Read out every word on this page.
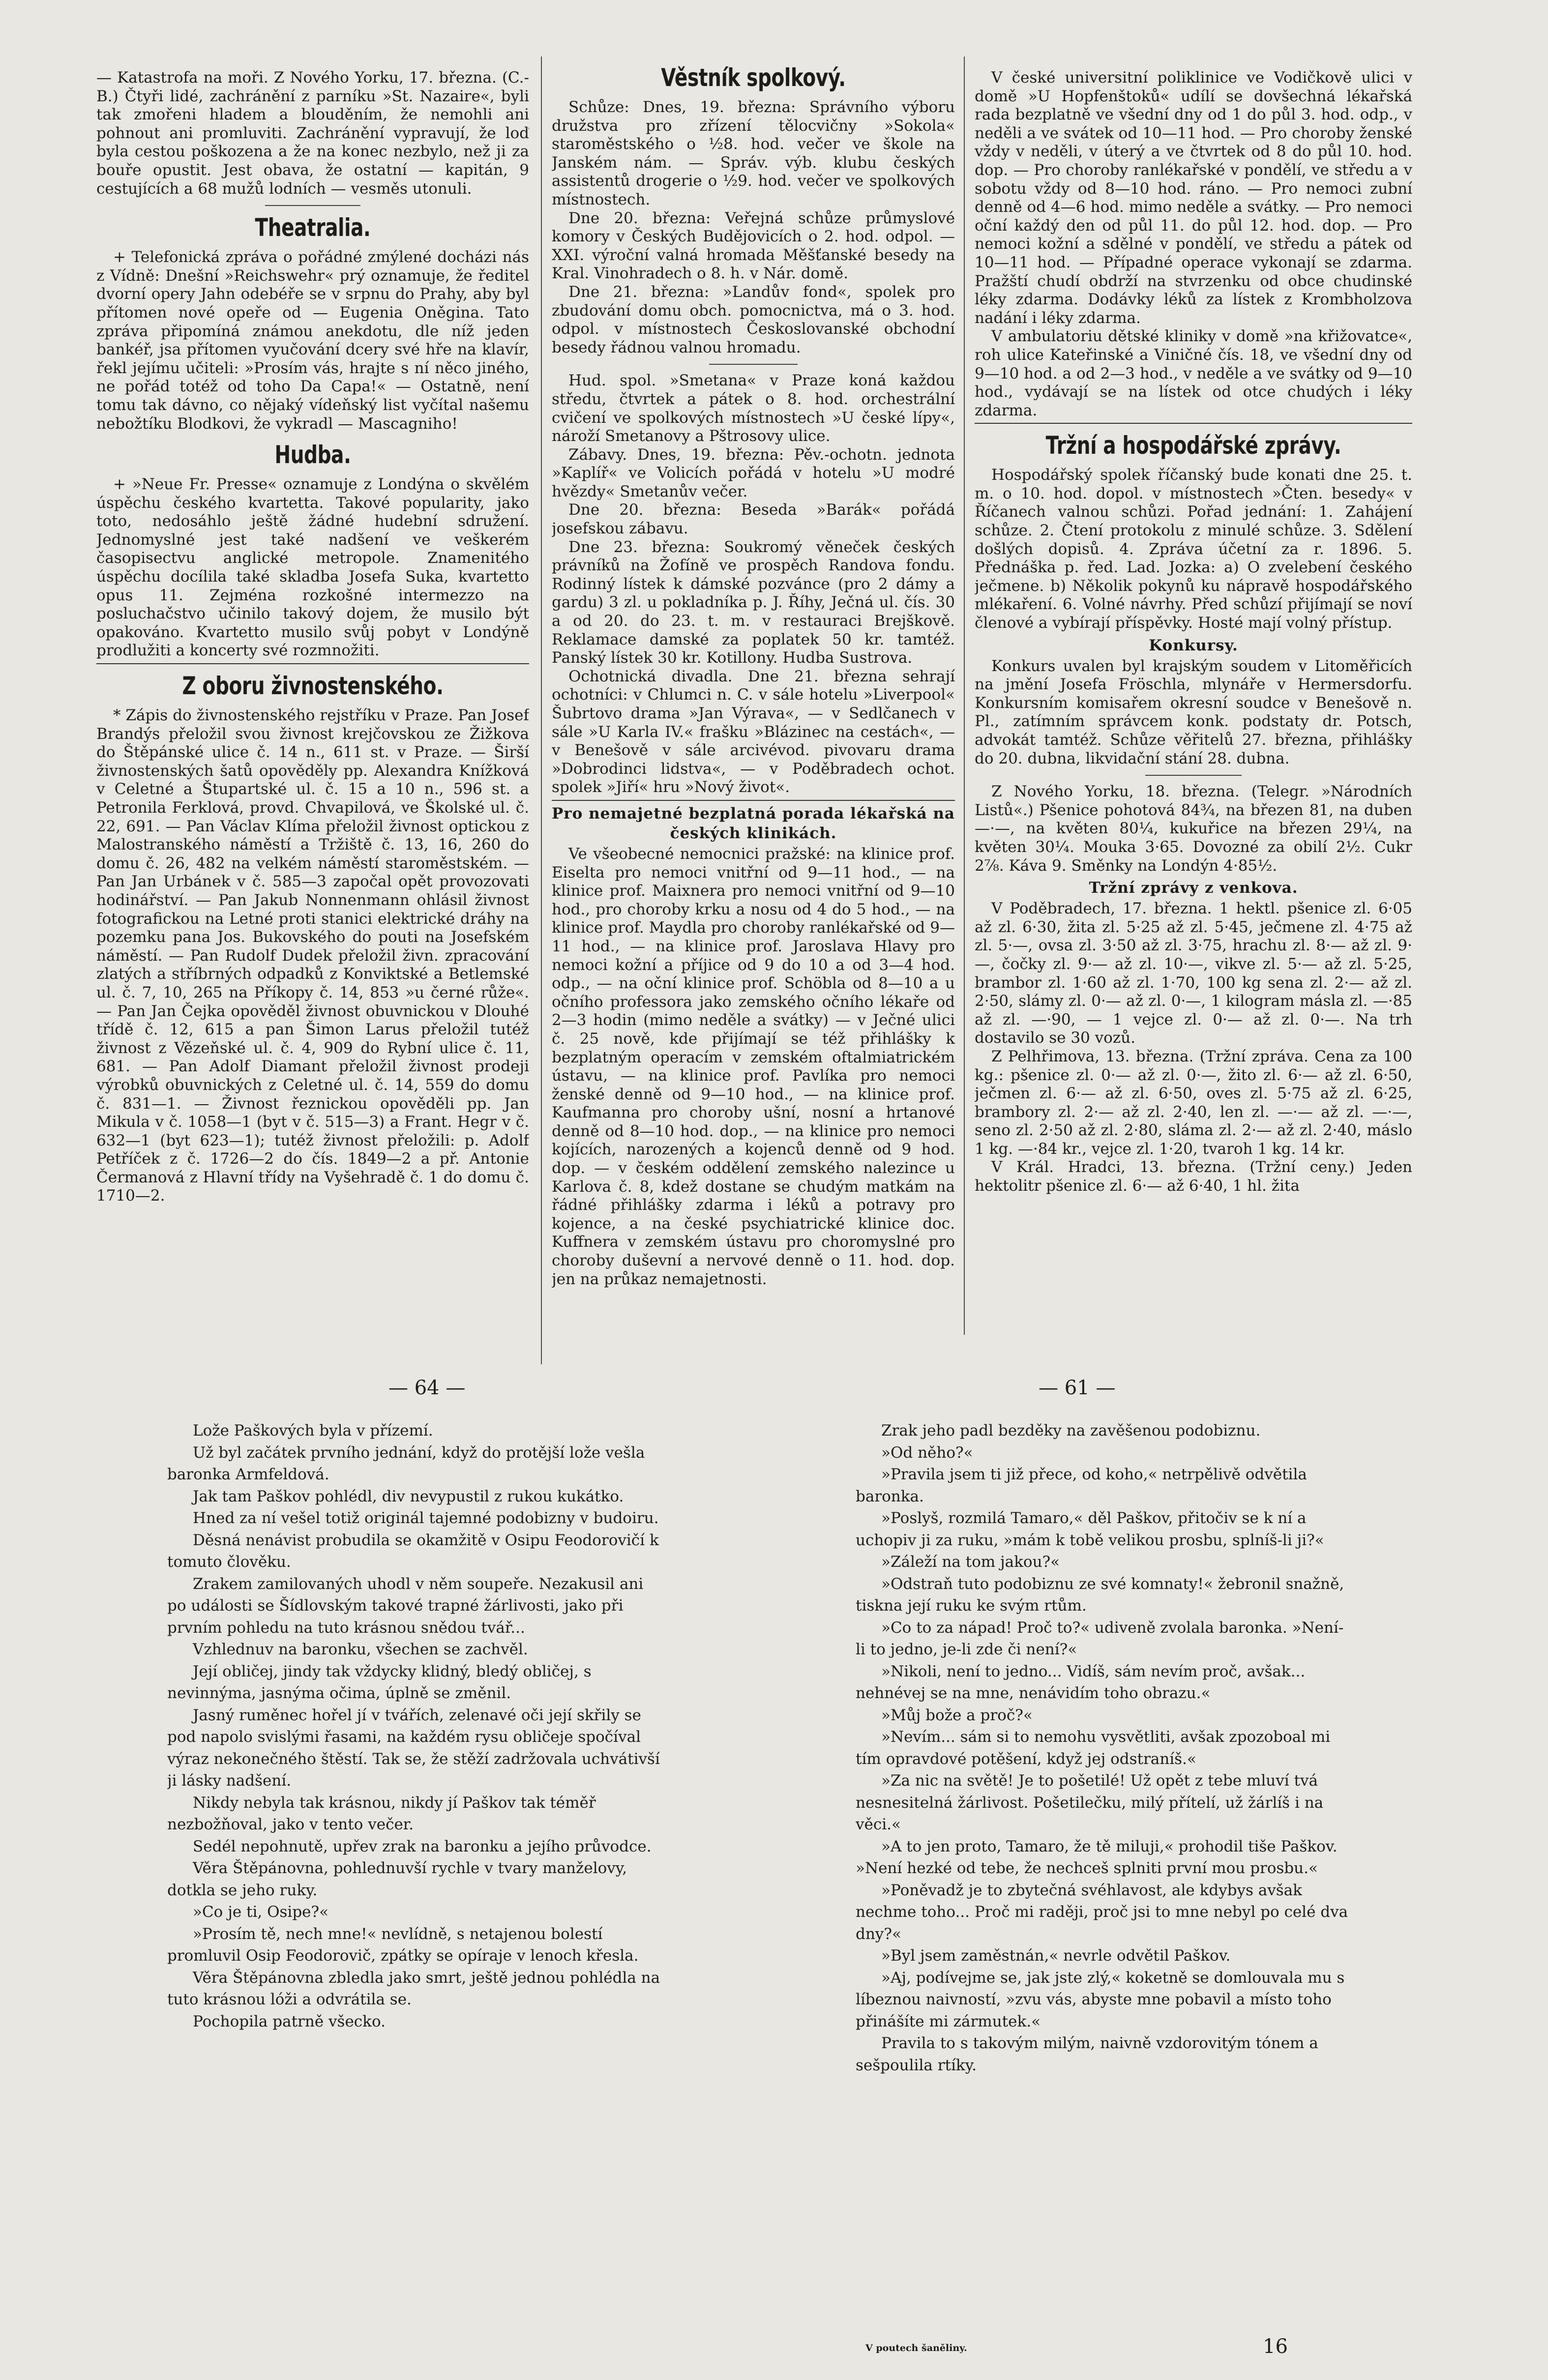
— Katastrofa na moři. Z Nového Yorku, 17. března. (C.-B.) Čtyři lidé, zachránění z parníku »St. Nazaire«, byli tak zmořeni hladem a blouděním, že nemohli ani pohnout ani promluviti. Zachránění vypravují, že loď byla cestou poškozena a že na konec nezbylo, než ji za bouře opustit. Jest obava, že ostatní — kapitán, 9 cestujících a 68 mužů lodních — vesměs utonuli.

Theatralia.

+ Telefonická zpráva o pořádné zmýlené docházi nás z Vídně: Dnešní »Reichswehr« prý oznamuje, že ředitel dvorní opery Jahn odebéře se v srpnu do Prahy, aby byl přítomen nové opeře od — Eugenia Oněgina. Tato zpráva připomíná známou anekdotu, dle níž jeden bankéř, jsa přítomen vyučování dcery své hře na klavír, řekl jejímu učiteli: »Prosím vás, hrajte s ní něco jiného, ne pořád totéž od toho Da Capa!« — Ostatně, není tomu tak dávno, co nějaký vídeňský list vyčítal našemu nebožtíku Blodkovi, že vykradl — Mascagniho!

Hudba.

+ »Neue Fr. Presse« oznamuje z Londýna o skvělém úspěchu českého kvartetta. Takové popularity, jako toto, nedosáhlo ještě žádné hudební sdružení. Jednomyslné jest také nadšení ve veškerém časopisectvu anglické metropole. Znamenitého úspěchu docílila také skladba Josefa Suka, kvartetto opus 11. Zejména rozkošné intermezzo na posluchačstvo učinilo takový dojem, že musilo být opakováno. Kvartetto musilo svůj pobyt v Londýně prodlužiti a koncerty své rozmnožiti.

Z oboru živnostenského.

* Zápis do živnostenského rejstříku v Praze. Pan Josef Brandýs přeložil svou živnost krejčovskou ze Žižkova do Štěpánské ulice č. 14 n., 611 st. v Praze. — Širší živnostenských šatů opověděly pp. Alexandra Knížková v Celetné a Štupartské ul. č. 15 a 10 n., 596 st. a Petronila Ferklová, provd. Chvapilová, ve Školské ul. č. 22, 691. — Pan Václav Klíma přeložil živnost optickou z Malostranského náměstí a Tržiště č. 13, 16, 260 do domu č. 26, 482 na velkém náměstí staroměstském. — Pan Jan Urbánek v č. 585—3 započal opět provozovati hodinářství. — Pan Jakub Nonnenmann ohlásil živnost fotografickou na Letné proti stanici elektrické dráhy na pozemku pana Jos. Bukovského do pouti na Josefském náměstí. — Pan Rudolf Dudek přeložil živn. zpracování zlatých a stříbrných odpadků z Konviktské a Betlemské ul. č. 7, 10, 265 na Příkopy č. 14, 853 »u černé růže«. — Pan Jan Čejka opověděl živnost obuvnickou v Dlouhé třídě č. 12, 615 a pan Šimon Larus přeložil tutéž živnost z Vězeňské ul. č. 4, 909 do Rybní ulice č. 11, 681. — Pan Adolf Diamant přeložil živnost prodeji výrobků obuvnických z Celetné ul. č. 14, 559 do domu č. 831—1. — Živnost řeznickou opověděli pp. Jan Mikula v č. 1058—1 (byt v č. 515—3) a Frant. Hegr v č. 632—1 (byt 623—1); tutéž živnost přeložili: p. Adolf Petříček z č. 1726—2 do čís. 1849—2 a př. Antonie Čermanová z Hlavní třídy na Vyšehradě č. 1 do domu č. 1710—2.

Věstník spolkový.

Schůze: Dnes, 19. března: Správního výboru družstva pro zřízení tělocvičny »Sokola« staroměstského o ½8. hod. večer ve škole na Janském nám. — Správ. výb. klubu českých assistentů drogerie o ½9. hod. večer ve spolkových místnostech.

Dne 20. března: Veřejná schůze průmyslové komory v Českých Budějovicích o 2. hod. odpol. — XXI. výroční valná hromada Měšťanské besedy na Kral. Vinohradech o 8. h. v Nár. domě.

Dne 21. března: »Landův fond«, spolek pro zbudování domu obch. pomocnictva, má o 3. hod. odpol. v místnostech Českoslovanské obchodní besedy řádnou valnou hromadu.

Hud. spol. »Smetana« v Praze koná každou středu, čtvrtek a pátek o 8. hod. orchestrální cvičení ve spolkových místnostech »U české lípy«, nároží Smetanovy a Pštrosovy ulice.

Zábavy. Dnes, 19. března: Pěv.-ochotn. jednota »Kaplíř« ve Volicích pořádá v hotelu »U modré hvězdy« Smetanův večer.

Dne 20. března: Beseda »Barák« pořádá josefskou zábavu.

Dne 23. března: Soukromý věneček českých právníků na Žofíně ve prospěch Randova fondu. Rodinný lístek k dámské pozvánce (pro 2 dámy a gardu) 3 zl. u pokladníka p. J. Říhy, Ječná ul. čís. 30 a od 20. do 23. t. m. v restauraci Brejškově. Reklamace damské za poplatek 50 kr. tamtéž. Panský lístek 30 kr. Kotillony. Hudba Sustrova.

Ochotnická divadla. Dne 21. března sehrají ochotníci: v Chlumci n. C. v sále hotelu »Liverpool« Šubrtovo drama »Jan Výrava«, — v Sedlčanech v sále »U Karla IV.« frašku »Blázinec na cestách«, — v Benešově v sále arcivévod. pivovaru drama »Dobrodinci lidstva«, — v Poděbradech ochot. spolek »Jiří« hru »Nový život«.

Pro nemajetné bezplatná porada lékařská na českých klinikách.

Ve všeobecné nemocnici pražské: na klinice prof. Eiselta pro nemoci vnitřní od 9—11 hod., — na klinice prof. Maixnera pro nemoci vnitřní od 9—10 hod., pro choroby krku a nosu od 4 do 5 hod., — na klinice prof. Maydla pro choroby ranlékařské od 9—11 hod., — na klinice prof. Jaroslava Hlavy pro nemoci kožní a příjice od 9 do 10 a od 3—4 hod. odp., — na oční klinice prof. Schöbla od 8—10 a u očního professora jako zemského očního lékaře od 2—3 hodin (mimo neděle a svátky) — v Ječné ulici č. 25 nově, kde přijímají se též přihlášky k bezplatným operacím v zemském oftalmiatrickém ústavu, — na klinice prof. Pavlíka pro nemoci ženské denně od 9—10 hod., — na klinice prof. Kaufmanna pro choroby ušní, nosní a hrtanové denně od 8—10 hod. dop., — na klinice pro nemoci kojících, narozených a kojenců denně od 9 hod. dop. — v českém oddělení zemského nalezince u Karlova č. 8, kdež dostane se chudým matkám na řádné přihlášky zdarma i léků a potravy pro kojence, a na české psychiatrické klinice doc. Kuffnera v zemském ústavu pro choromyslné pro choroby duševní a nervové denně o 11. hod. dop. jen na průkaz nemajetnosti.

V české universitní poliklinice ve Vodičkově ulici v domě »U Hopfenštoků« udílí se dovšechná lékařská rada bezplatně ve všední dny od 1 do půl 3. hod. odp., v neděli a ve svátek od 10—11 hod. — Pro choroby ženské vždy v neděli, v úterý a ve čtvrtek od 8 do půl 10. hod. dop. — Pro choroby ranlékařské v pondělí, ve středu a v sobotu vždy od 8—10 hod. ráno. — Pro nemoci zubní denně od 4—6 hod. mimo neděle a svátky. — Pro nemoci oční každý den od půl 11. do půl 12. hod. dop. — Pro nemoci kožní a sdělné v pondělí, ve středu a pátek od 10—11 hod. — Případné operace vykonají se zdarma. Pražští chudí obdrží na stvrzenku od obce chudinské léky zdarma. Dodávky léků za lístek z Krombholzova nadání i léky zdarma.

V ambulatoriu dětské kliniky v domě »na křižovatce«, roh ulice Kateřinské a Viničné čís. 18, ve všední dny od 9—10 hod. a od 2—3 hod., v neděle a ve svátky od 9—10 hod., vydávají se na lístek od otce chudých i léky zdarma.

Tržní a hospodářské zprávy.

Hospodářský spolek říčanský bude konati dne 25. t. m. o 10. hod. dopol. v místnostech »Čten. besedy« v Říčanech valnou schůzi. Pořad jednání: 1. Zahájení schůze. 2. Čtení protokolu z minulé schůze. 3. Sdělení došlých dopisů. 4. Zpráva účetní za r. 1896. 5. Přednáška p. řed. Lad. Jozka: a) O zvelebení českého ječmene. b) Několik pokynů ku nápravě hospodářského mlékaření. 6. Volné návrhy. Před schůzí přijímají se noví členové a vybírají příspěvky. Hosté mají volný přístup.

Konkursy.

Konkurs uvalen byl krajským soudem v Litoměřicích na jmění Josefa Fröschla, mlynáře v Hermersdorfu. Konkursním komisařem okresní soudce v Benešově n. Pl., zatímním správcem konk. podstaty dr. Potsch, advokát tamtéž. Schůze věřitelů 27. března, přihlášky do 20. dubna, likvidační stání 28. dubna.

Z Nového Yorku, 18. března. (Telegr. »Národních Listů«.) Pšenice pohotová 84¾, na březen 81, na duben —·—, na květen 80¼, kukuřice na březen 29¼, na květen 30¼. Mouka 3·65. Dovozné za obilí 2½. Cukr 2⅞. Káva 9. Směnky na Londýn 4·85½.

Tržní zprávy z venkova.

V Poděbradech, 17. března. 1 hektl. pšenice zl. 6·05 až zl. 6·30, žita zl. 5·25 až zl. 5·45, ječmene zl. 4·75 až zl. 5·—, ovsa zl. 3·50 až zl. 3·75, hrachu zl. 8·— až zl. 9·—, čočky zl. 9·— až zl. 10·—, vikve zl. 5·— až zl. 5·25, brambor zl. 1·60 až zl. 1·70, 100 kg sena zl. 2·— až zl. 2·50, slámy zl. 0·— až zl. 0·—, 1 kilogram másla zl. —·85 až zl. —·90, — 1 vejce zl. 0·— až zl. 0·—. Na trh dostavilo se 30 vozů.

Z Pelhřimova, 13. března. (Tržní zpráva. Cena za 100 kg.: pšenice zl. 0·— až zl. 0·—, žito zl. 6·— až zl. 6·50, ječmen zl. 6·— až zl. 6·50, oves zl. 5·75 až zl. 6·25, brambory zl. 2·— až zl. 2·40, len zl. —·— až zl. —·—, seno zl. 2·50 až zl. 2·80, sláma zl. 2·— až zl. 2·40, máslo 1 kg. —·84 kr., vejce zl. 1·20, tvaroh 1 kg. 14 kr.

V Král. Hradci, 13. března. (Tržní ceny.) Jeden hektolitr pšenice zl. 6·— až 6·40, 1 hl. žita

— 64 —	— 61 —

Lože Paškových byla v přízemí.

Už byl začátek prvního jednání, když do protější lože vešla baronka Armfeldová.

Jak tam Paškov pohlédl, div nevypustil z rukou kukátko.

Hned za ní vešel totiž originál tajemné podobizny v budoiru.

Děsná nenávist probudila se okamžitě v Osipu Feodorovičí k tomuto člověku.

Zrakem zamilovaných uhodl v něm soupeře. Nezakusil ani po události se Šídlovským takové trapné žárlivosti, jako při prvním pohledu na tuto krásnou snědou tvář...

Vzhlednuv na baronku, všechen se zachvěl.

Její obličej, jindy tak vždycky klidný, bledý obličej, s nevinnýma, jasnýma očima, úplně se změnil.

Jasný ruměnec hořel jí v tvářích, zelenavé oči její skřily se pod napolo svislými řasami, na každém rysu obličeje spočíval výraz nekonečného štěstí. Tak se, že stěží zadržovala uchvátivší ji lásky nadšení.

Nikdy nebyla tak krásnou, nikdy jí Paškov tak téměř nezbožňoval, jako v tento večer.

Sedél nepohnutě, upřev zrak na baronku a jejího průvodce.

Věra Štěpánovna, pohlednuvší rychle v tvary manželovy, dotkla se jeho ruky.

»Co je ti, Osipe?«

»Prosím tě, nech mne!« nevlídně, s netajenou bolestí promluvil Osip Feodorovič, zpátky se opíraje v lenoch křesla.

Věra Štěpánovna zbledla jako smrt, ještě jednou pohlédla na tuto krásnou lóži a odvrátila se.

Pochopila patrně všecko.

Zrak jeho padl bezděky na zavěšenou podobiznu.

»Od něho?«

»Pravila jsem ti již přece, od koho,« netrpělivě odvětila baronka.

»Poslyš, rozmilá Tamaro,« děl Paškov, přitočiv se k ní a uchopiv ji za ruku, »mám k tobě velikou prosbu, splníš-li ji?«

»Záleží na tom jakou?«

»Odstraň tuto podobiznu ze své komnaty!« žebronil snažně, tiskna její ruku ke svým rtům.

»Co to za nápad! Proč to?« udiveně zvolala baronka. »Není-li to jedno, je-li zde či není?«

»Nikoli, není to jedno... Vidíš, sám nevím proč, avšak... nehnévej se na mne, nenávidím toho obrazu.«

»Můj bože a proč?«

»Nevím... sám si to nemohu vysvětliti, avšak zpozoboal mi tím opravdové potěšení, když jej odstraníš.«

»Za nic na světě! Je to pošetilé! Už opět z tebe mluví tvá nesnesitelná žárlivost. Pošetilečku, milý přítelí, už žárlíš i na věci.«

»A to jen proto, Tamaro, že tě miluji,« prohodil tiše Paškov. »Není hezké od tebe, že nechceš splniti první mou prosbu.«

»Poněvadž je to zbytečná svéhlavost, ale kdybys avšak nechme toho... Proč mi raději, proč jsi to mne nebyl po celé dva dny?«

»Byl jsem zaměstnán,« nevrle odvětil Paškov.

»Aj, podívejme se, jak jste zlý,« koketně se domlouvala mu s líbeznou naivností, »zvu vás, abyste mne pobavil a místo toho přinášíte mi zármutek.«

Pravila to s takovým milým, naivně vzdorovitým tónem a sešpoulila rtíky.

V poutech šaněliny.	16
